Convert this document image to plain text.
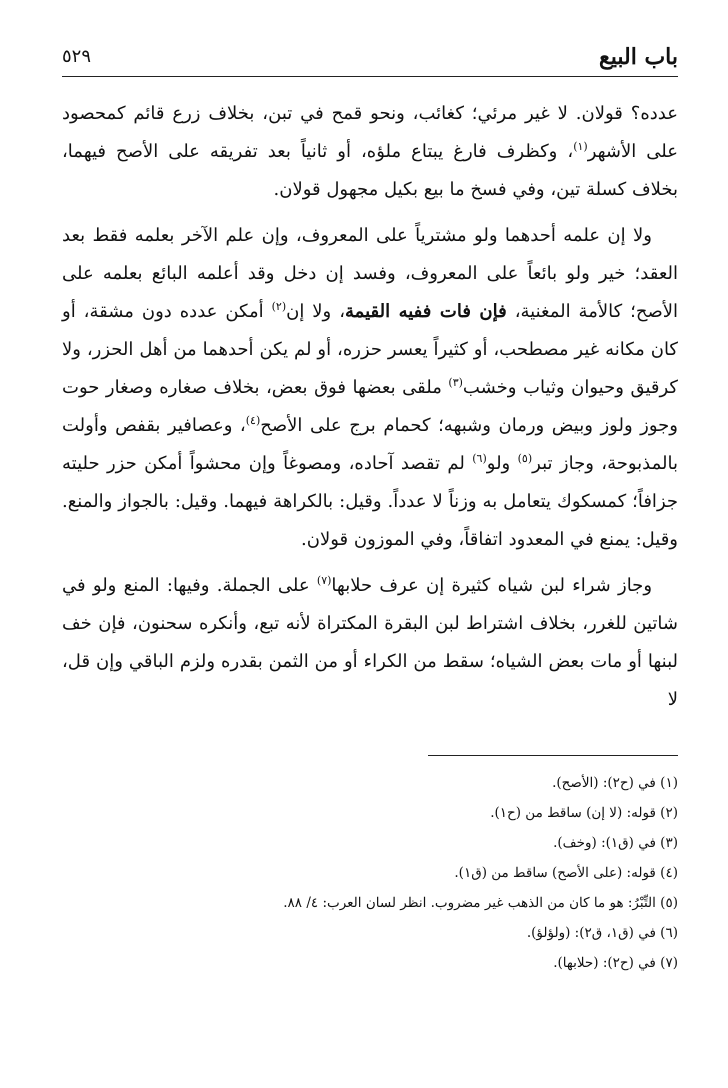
باب البيع
٥٢٩

عدده؟ قولان. لا غير مرئي؛ كغائب، ونحو قمح في تبن، بخلاف زرع قائم كمحصود على الأشهر$^{(١)}$، وكظرف فارغ يبتاع ملؤه، أو ثانياً بعد تفريقه على الأصح فيهما، بخلاف كسلة تين، وفي فسخ ما بيع بكيل مجهول قولان.

ولا إن علمه أحدهما ولو مشترياً على المعروف، وإن علم الآخر بعلمه فقط بعد العقد؛ خير ولو بائعاً على المعروف، وفسد إن دخل وقد أعلمه البائع بعلمه على الأصح؛ كالأمة المغنية، فإن فات ففيه القيمة، ولا إن$^{(٢)}$ أمكن عدده دون مشقة، أو كان مكانه غير مصطحب، أو كثيراً يعسر حزره، أو لم يكن أحدهما من أهل الحزر، ولا كرقيق وحيوان وثياب وخشب$^{(٣)}$ ملقى بعضها فوق بعض، بخلاف صغاره وصغار حوت وجوز ولوز وبيض ورمان وشبهه؛ كحمام برج على الأصح$^{(٤)}$، وعصافير بقفص وأولت بالمذبوحة، وجاز تبر$^{(٥)}$ ولو$^{(٦)}$ لم تقصد آحاده، ومصوغاً وإن محشواً أمكن حزر حليته جزافاً؛ كمسكوك يتعامل به وزناً لا عدداً. وقيل: بالكراهة فيهما. وقيل: بالجواز والمنع. وقيل: يمنع في المعدود اتفاقاً، وفي الموزون قولان.

وجاز شراء لبن شياه كثيرة إن عرف حلابها$^{(٧)}$ على الجملة. وفيها: المنع ولو في شاتين للغرر، بخلاف اشتراط لبن البقرة المكتراة لأنه تبع، وأنكره سحنون، فإن خف لبنها أو مات بعض الشياه؛ سقط من الكراء أو من الثمن بقدره ولزم الباقي وإن قل، لا

(١) في (ح٢): (الأصح).
(٢) قوله: (لا إن) ساقط من (ح١).
(٣) في (ق١): (وخف).
(٤) قوله: (على الأصح) ساقط من (ق١).
(٥) التِّبْرُ: هو ما كان من الذهب غير مضروب. انظر لسان العرب: ٤/ ٨٨.
(٦) في (ق١، ق٢): (ولؤلؤ).
(٧) في (ح٢): (حلابها).
